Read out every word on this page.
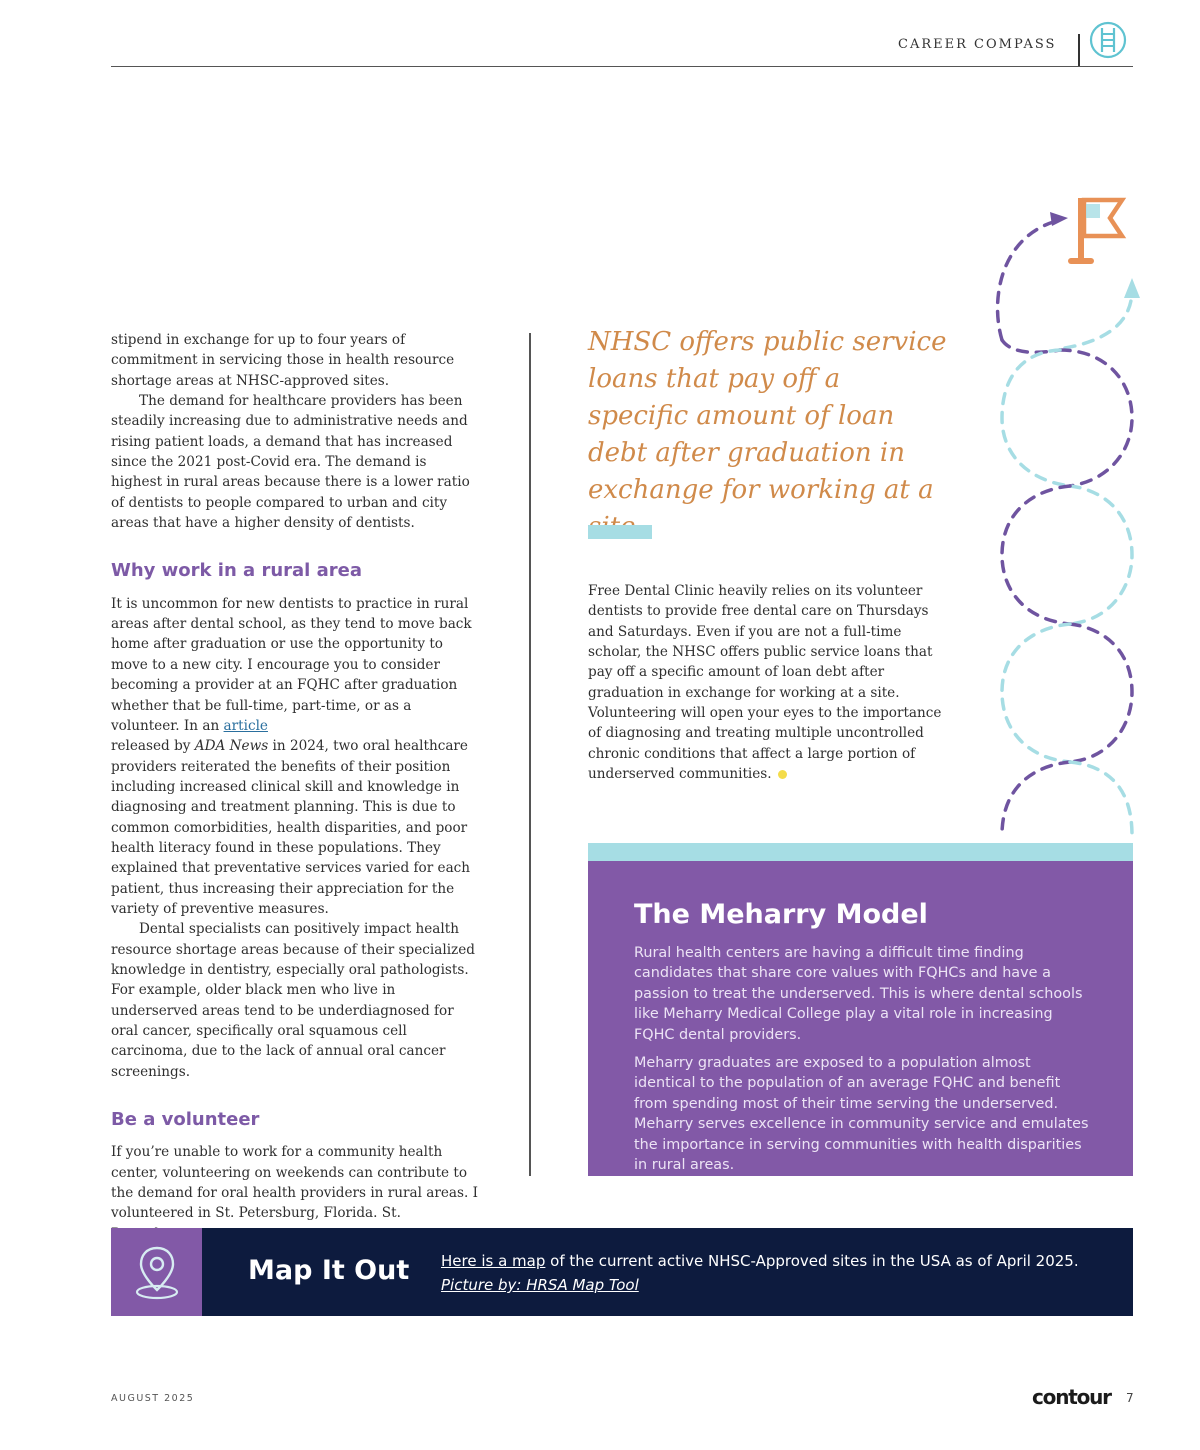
CAREER COMPASS

stipend in exchange for up to four years of commitment in servicing those in health resource shortage areas at NHSC-approved sites.

The demand for healthcare providers has been steadily increasing due to administrative needs and rising patient loads, a demand that has increased since the 2021 post-Covid era. The demand is highest in rural areas because there is a lower ratio of dentists to people compared to urban and city areas that have a higher density of dentists.

Why work in a rural area

It is uncommon for new dentists to practice in rural areas after dental school, as they tend to move back home after graduation or use the opportunity to move to a new city. I encourage you to consider becoming a provider at an FQHC after graduation whether that be full-time, part-time, or as a volunteer. In an article
released by ADA News in 2024, two oral healthcare providers reiterated the benefits of their position including increased clinical skill and knowledge in diagnosing and treatment planning. This is due to common comorbidities, health disparities, and poor health literacy found in these populations. They explained that preventative services varied for each patient, thus increasing their appreciation for the variety of preventive measures.

Dental specialists can positively impact health resource shortage areas because of their specialized knowledge in dentistry, especially oral pathologists. For example, older black men who live in underserved areas tend to be underdiagnosed for oral cancer, specifically oral squamous cell carcinoma, due to the lack of annual oral cancer screenings.

Be a volunteer

If you’re unable to work for a community health center, volunteering on weekends can contribute to the demand for oral health providers in rural areas. I volunteered in St. Petersburg, Florida. St.

NHSC offers public service loans that pay off a specific amount of loan debt after graduation in exchange for working at a

Free Dental Clinic heavily relies on its volunteer dentists to provide free dental care on Thursdays and Saturdays. Even if you are not a full-time scholar, the NHSC offers public service loans that pay off a specific amount of loan debt after graduation in exchange for working at a site. Volunteering will open your eyes to the importance of diagnosing and treating multiple uncontrolled chronic conditions that affect a large portion of underserved communities.

The Meharry Model

Rural health centers are having a difficult time finding candidates that share core values with FQHCs and have a passion to treat the underserved. This is where dental schools like Meharry Medical College play a vital role in increasing FQHC dental providers.

Meharry graduates are exposed to a population almost identical to the population of an average FQHC and benefit from spending most of their time serving the underserved. Meharry serves excellence in community service and emulates the importance in serving communities with health disparities in rural areas.

Map It Out Here is a map of the current active NHSC-Approved sites in the USA as of April 2025.
Picture by: HRSA Map Tool
AUGUST 2025	contour 7
